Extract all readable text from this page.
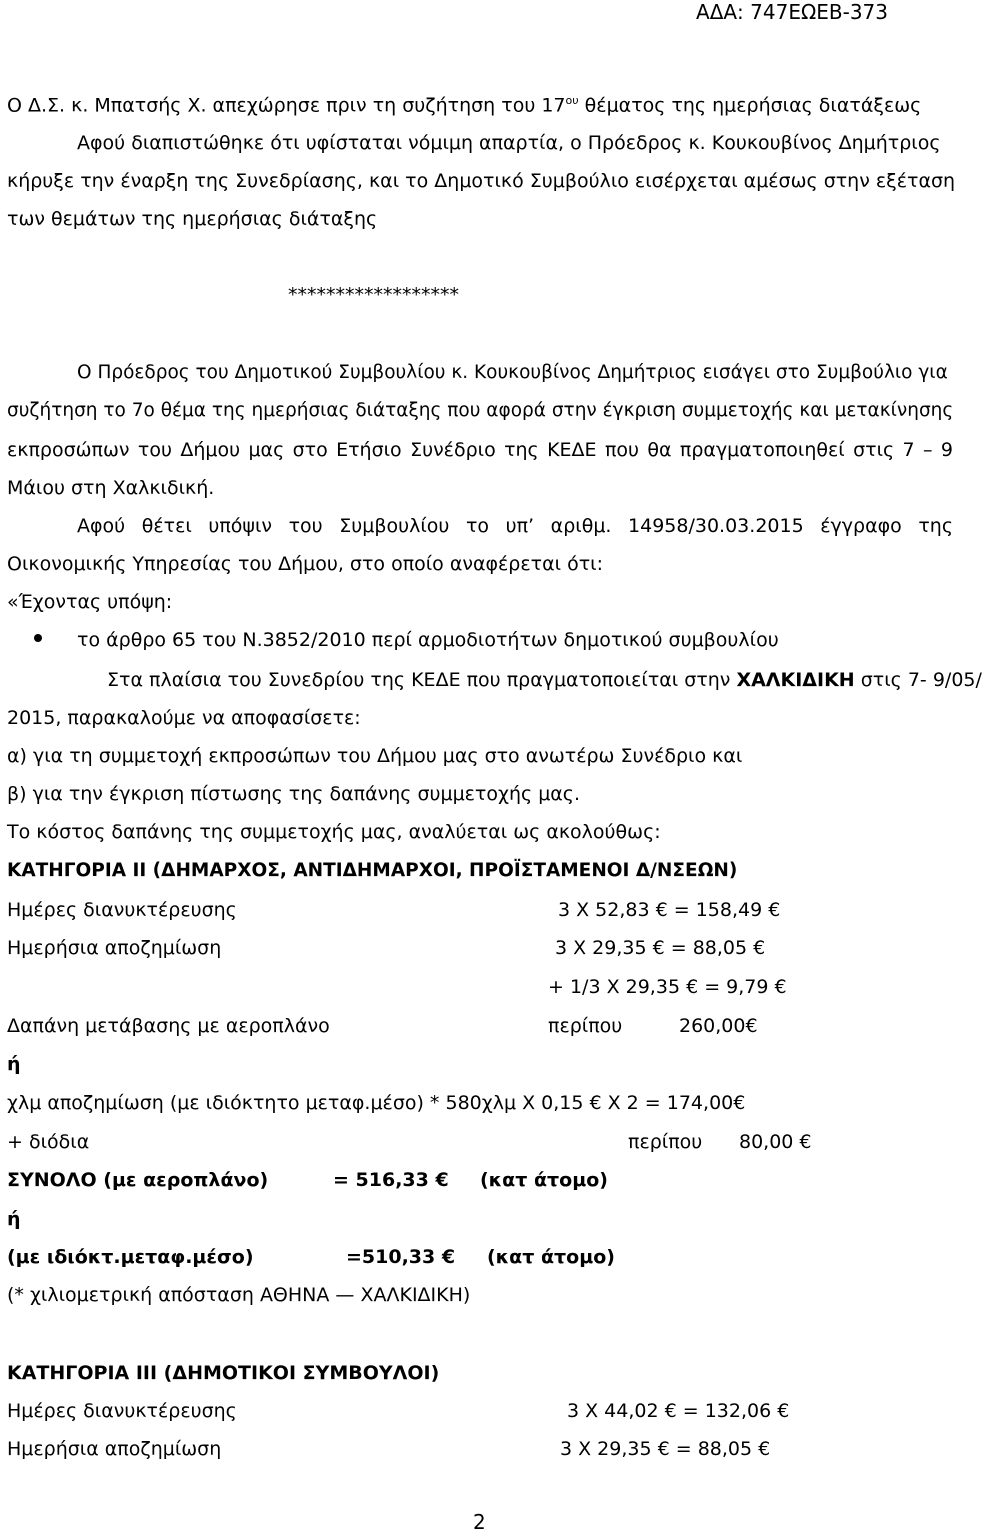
ΑΔΑ: 747ΕΩΕΒ-373
Ο Δ.Σ. κ. Μπατσής Χ. απεχώρησε πριν τη συζήτηση του $17^{o\upsilon}$ θέματος της ημερήσιας διατάξεως
Αφού διαπιστώθηκε ότι υφίσταται νόμιμη απαρτία, ο Πρόεδρος κ. Κουκουβίνος Δημήτριος
κήρυξε την έναρξη της Συνεδρίασης, και το Δημοτικό Συμβούλιο εισέρχεται αμέσως στην εξέταση
των θεμάτων της ημερήσιας διάταξης
******************
Ο Πρόεδρος του Δημοτικού Συμβουλίου κ. Κουκουβίνος Δημήτριος εισάγει στο Συμβούλιο για
συζήτηση το 7ο θέμα της ημερήσιας διάταξης που αφορά στην έγκριση συμμετοχής και μετακίνησης
εκπροσώπων του Δήμου μας στο Ετήσιο Συνέδριο της ΚΕΔΕ που θα πραγματοποιηθεί στις 7 – 9
Μάιου στη Χαλκιδική.
Αφού θέτει υπόψιν του Συμβουλίου το υπ’ αριθμ. 14958/30.03.2015 έγγραφο της
Οικονομικής Υπηρεσίας του Δήμου, στο οποίο αναφέρεται ότι:
«Έχοντας υπόψη:
το άρθρο 65 του Ν.3852/2010 περί αρμοδιοτήτων δημοτικού συμβουλίου
Στα πλαίσια του Συνεδρίου της ΚΕΔΕ που πραγματοποιείται στην ΧΑΛΚΙΔΙΚΗ στις 7- 9/05/
2015, παρακαλούμε να αποφασίσετε:
α) για τη συμμετοχή εκπροσώπων του Δήμου μας στο ανωτέρω Συνέδριο και
β) για την έγκριση πίστωσης της δαπάνης συμμετοχής μας.
Το κόστος δαπάνης της συμμετοχής μας, αναλύεται ως ακολούθως:
ΚΑΤΗΓΟΡΙΑ ΙΙ (ΔΗΜΑΡΧΟΣ, ΑΝΤΙΔΗΜΑΡΧΟΙ, ΠΡΟΪΣΤΑΜΕΝΟΙ Δ/ΝΣΕΩΝ)
Ημέρες διανυκτέρευσης	3 Χ 52,83 € = 158,49 €
Ημερήσια αποζημίωση	3 Χ 29,35 € = 88,05 €
+ 1/3 Χ 29,35 € = 9,79 €
Δαπάνη μετάβασης με αεροπλάνο	περίπου	260,00€
ή
χλμ αποζημίωση (με ιδιόκτητο μεταφ.μέσο) * 580χλμ Χ 0,15 € Χ 2 = 174,00€
+ διόδια	περίπου 80,00 €
ΣΥΝΟΛΟ (με αεροπλάνο)	= 516,33 € (κατ άτομο)
ή
(με ιδιόκτ.μεταφ.μέσο)	=510,33 € (κατ άτομο)
(* χιλιομετρική απόσταση ΑΘΗΝΑ — ΧΑΛΚΙΔΙΚΗ)
ΚΑΤΗΓΟΡΙΑ ΙΙΙ (ΔΗΜΟΤΙΚΟΙ ΣΥΜΒΟΥΛΟΙ)
Ημέρες διανυκτέρευσης	3 Χ 44,02 € = 132,06 €
Ημερήσια αποζημίωση	3 Χ 29,35 € = 88,05 €
2
